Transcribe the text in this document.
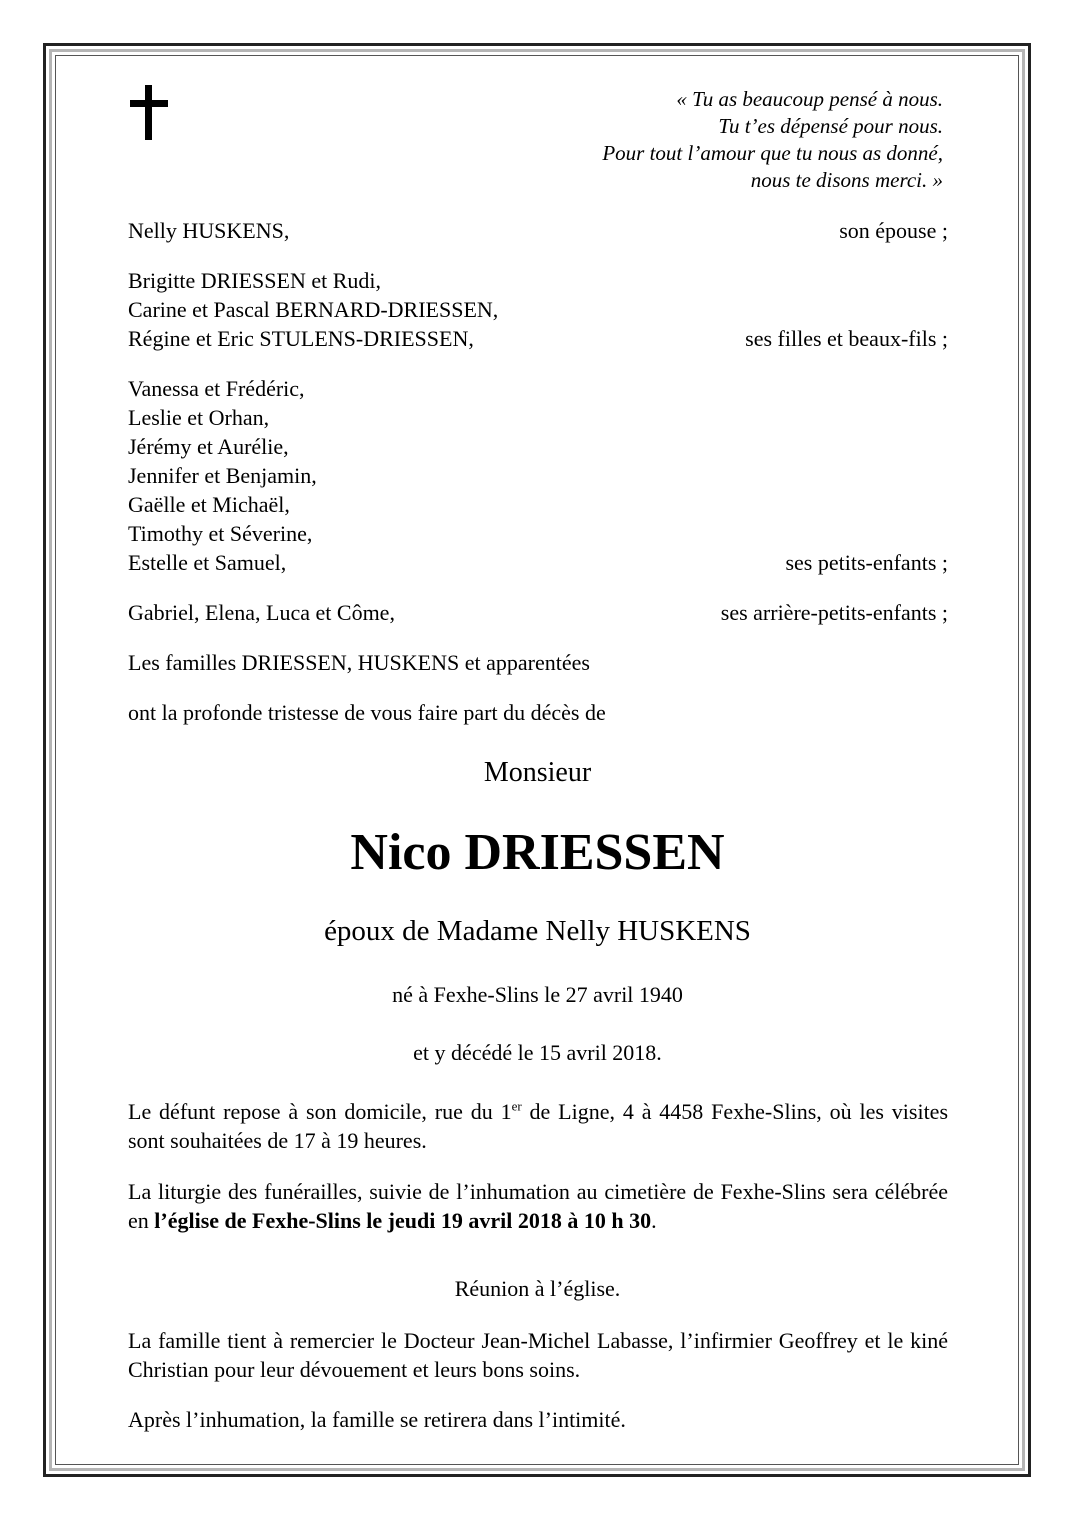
« Tu as beaucoup pensé à nous.
Tu t’es dépensé pour nous.
Pour tout l’amour que tu nous as donné,
nous te disons merci. »
Nelly HUSKENS,	son épouse ;
Brigitte DRIESSEN et Rudi,
Carine et Pascal BERNARD-DRIESSEN,
Régine et Eric STULENS-DRIESSEN,	ses filles et beaux-fils ;
Vanessa et Frédéric,
Leslie et Orhan,
Jérémy et Aurélie,
Jennifer et Benjamin,
Gaëlle et Michaël,
Timothy et Séverine,
Estelle et Samuel,	ses petits-enfants ;
Gabriel, Elena, Luca et Côme,	ses arrière-petits-enfants ;
Les familles DRIESSEN, HUSKENS et apparentées
ont la profonde tristesse de vous faire part du décès de
Monsieur
Nico DRIESSEN
époux de Madame Nelly HUSKENS
né à Fexhe-Slins le 27 avril 1940
et y décédé le 15 avril 2018.
Le défunt repose à son domicile, rue du 1er de Ligne, 4 à 4458 Fexhe-Slins, où les visites sont souhaitées de 17 à 19 heures.
La liturgie des funérailles, suivie de l’inhumation au cimetière de Fexhe-Slins sera célébrée en l’église de Fexhe-Slins le jeudi 19 avril 2018 à 10 h 30.
Réunion à l’église.
La famille tient à remercier le Docteur Jean-Michel Labasse, l’infirmier Geoffrey et le kiné Christian pour leur dévouement et leurs bons soins.
Après l’inhumation, la famille se retirera dans l’intimité.
